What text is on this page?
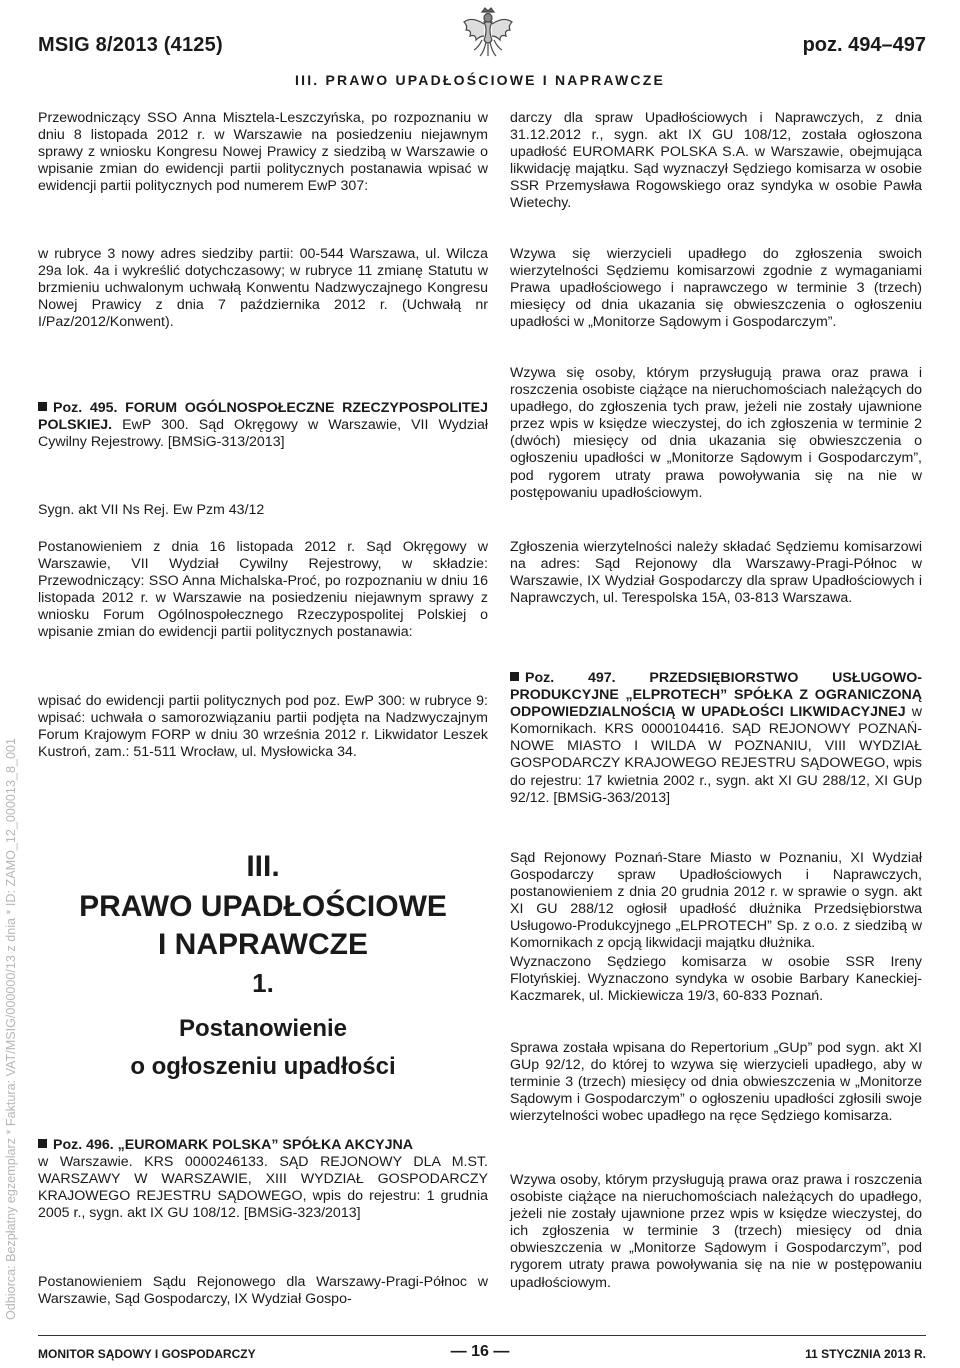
MSIG 8/2013 (4125)	poz. 494–497
III. PRAWO UPADŁOŚCIOWE I NAPRAWCZE
Odbiorca: Bezpłatny egzemplarz * Faktura: VAT/MSIG/000000/13 z dnia * ID: ZAMO_12_000013_8_001

Przewodniczący SSO Anna Misztela-Leszczyńska, po rozpoznaniu w dniu 8 listopada 2012 r. w Warszawie na posiedzeniu niejawnym sprawy z wniosku Kongresu Nowej Prawicy z siedzibą w Warszawie o wpisanie zmian do ewidencji partii politycznych postanawia wpisać w ewidencji partii politycznych pod numerem EwP 307:

w rubryce 3 nowy adres siedziby partii: 00-544 Warszawa, ul. Wilcza 29a lok. 4a i wykreślić dotychczasowy; w rubryce 11 zmianę Statutu w brzmieniu uchwalonym uchwałą Konwentu Nadzwyczajnego Kongresu Nowej Prawicy z dnia 7 października 2012 r. (Uchwałą nr I/Paz/2012/Konwent).

Poz. 495. FORUM OGÓLNOSPOŁECZNE RZECZYPOSPOLITEJ POLSKIEJ. EwP 300. Sąd Okręgowy w Warszawie, VII Wydział Cywilny Rejestrowy. [BMSiG-313/2013]

Sygn. akt VII Ns Rej. Ew Pzm 43/12

Postanowieniem z dnia 16 listopada 2012 r. Sąd Okręgowy w Warszawie, VII Wydział Cywilny Rejestrowy, w składzie: Przewodniczący: SSO Anna Michalska-Proć, po rozpoznaniu w dniu 16 listopada 2012 r. w Warszawie na posiedzeniu niejawnym sprawy z wniosku Forum Ogólnospołecznego Rzeczypospolitej Polskiej o wpisanie zmian do ewidencji partii politycznych postanawia:

wpisać do ewidencji partii politycznych pod poz. EwP 300: w rubryce 9: wpisać: uchwała o samorozwiązaniu partii podjęta na Nadzwyczajnym Forum Krajowym FORP w dniu 30 września 2012 r. Likwidator Leszek Kustroń, zam.: 51-511 Wrocław, ul. Mysłowicka 34.

Poz. 496. „EUROMARK POLSKA” SPÓŁKA AKCYJNA
w Warszawie. KRS 0000246133. SĄD REJONOWY DLA M.ST. WARSZAWY W WARSZAWIE, XIII WYDZIAŁ GOSPODARCZY KRAJOWEGO REJESTRU SĄDOWEGO, wpis do rejestru: 1 grudnia 2005 r., sygn. akt IX GU 108/12. [BMSiG-323/2013]

Postanowieniem Sądu Rejonowego dla Warszawy-Pragi-Północ w Warszawie, Sąd Gospodarczy, IX Wydział Gospo-

III.
PRAWO UPADŁOŚCIOWE
I NAPRAWCZE
1.
Postanowienie
o ogłoszeniu upadłości

darczy dla spraw Upadłościowych i Naprawczych, z dnia 31.12.2012 r., sygn. akt IX GU 108/12, została ogłoszona upadłość EUROMARK POLSKA S.A. w Warszawie, obejmująca likwidację majątku. Sąd wyznaczył Sędziego komisarza w osobie SSR Przemysława Rogowskiego oraz syndyka w osobie Pawła Wietechy.

Wzywa się wierzycieli upadłego do zgłoszenia swoich wierzytelności Sędziemu komisarzowi zgodnie z wymaganiami Prawa upadłościowego i naprawczego w terminie 3 (trzech) miesięcy od dnia ukazania się obwieszczenia o ogłoszeniu upadłości w „Monitorze Sądowym i Gospodarczym”.

Wzywa się osoby, którym przysługują prawa oraz prawa i roszczenia osobiste ciążące na nieruchomościach należących do upadłego, do zgłoszenia tych praw, jeżeli nie zostały ujawnione przez wpis w księdze wieczystej, do ich zgłoszenia w terminie 2 (dwóch) miesięcy od dnia ukazania się obwieszczenia o ogłoszeniu upadłości w „Monitorze Sądowym i Gospodarczym”, pod rygorem utraty prawa powoływania się na nie w postępowaniu upadłościowym.

Zgłoszenia wierzytelności należy składać Sędziemu komisarzowi na adres: Sąd Rejonowy dla Warszawy-Pragi-Północ w Warszawie, IX Wydział Gospodarczy dla spraw Upadłościowych i Naprawczych, ul. Terespolska 15A, 03-813 Warszawa.

Poz. 497. PRZEDSIĘBIORSTWO USŁUGOWO-PRODUKCYJNE „ELPROTECH” SPÓŁKA Z OGRANICZONĄ ODPOWIEDZIALNOŚCIĄ W UPADŁOŚCI LIKWIDACYJNEJ w Komornikach. KRS 0000104416. SĄD REJONOWY POZNAŃ-NOWE MIASTO I WILDA W POZNANIU, VIII WYDZIAŁ GOSPODARCZY KRAJOWEGO REJESTRU SĄDOWEGO, wpis do rejestru: 17 kwietnia 2002 r., sygn. akt XI GU 288/12, XI GUp 92/12. [BMSiG-363/2013]

Sąd Rejonowy Poznań-Stare Miasto w Poznaniu, XI Wydział Gospodarczy spraw Upadłościowych i Naprawczych, postanowieniem z dnia 20 grudnia 2012 r. w sprawie o sygn. akt XI GU 288/12 ogłosił upadłość dłużnika Przedsiębiorstwa Usługowo-Produkcyjnego „ELPROTECH” Sp. z o.o. z siedzibą w Komornikach z opcją likwidacji majątku dłużnika.

Wyznaczono Sędziego komisarza w osobie SSR Ireny Flotyńskiej. Wyznaczono syndyka w osobie Barbary Kaneckiej-Kaczmarek, ul. Mickiewicza 19/3, 60-833 Poznań.

Sprawa została wpisana do Repertorium „GUp” pod sygn. akt XI GUp 92/12, do której to wzywa się wierzycieli upadłego, aby w terminie 3 (trzech) miesięcy od dnia obwieszczenia w „Monitorze Sądowym i Gospodarczym” o ogłoszeniu upadłości zgłosili swoje wierzytelności wobec upadłego na ręce Sędziego komisarza.

Wzywa osoby, którym przysługują prawa oraz prawa i roszczenia osobiste ciążące na nieruchomościach należących do upadłego, jeżeli nie zostały ujawnione przez wpis w księdze wieczystej, do ich zgłoszenia w terminie 3 (trzech) miesięcy od dnia obwieszczenia w „Monitorze Sądowym i Gospodarczym”, pod rygorem utraty prawa powoływania się na nie w postępowaniu upadłościowym.

MONITOR SĄDOWY I GOSPODARCZY	— 16 —	11 STYCZNIA 2013 R.
